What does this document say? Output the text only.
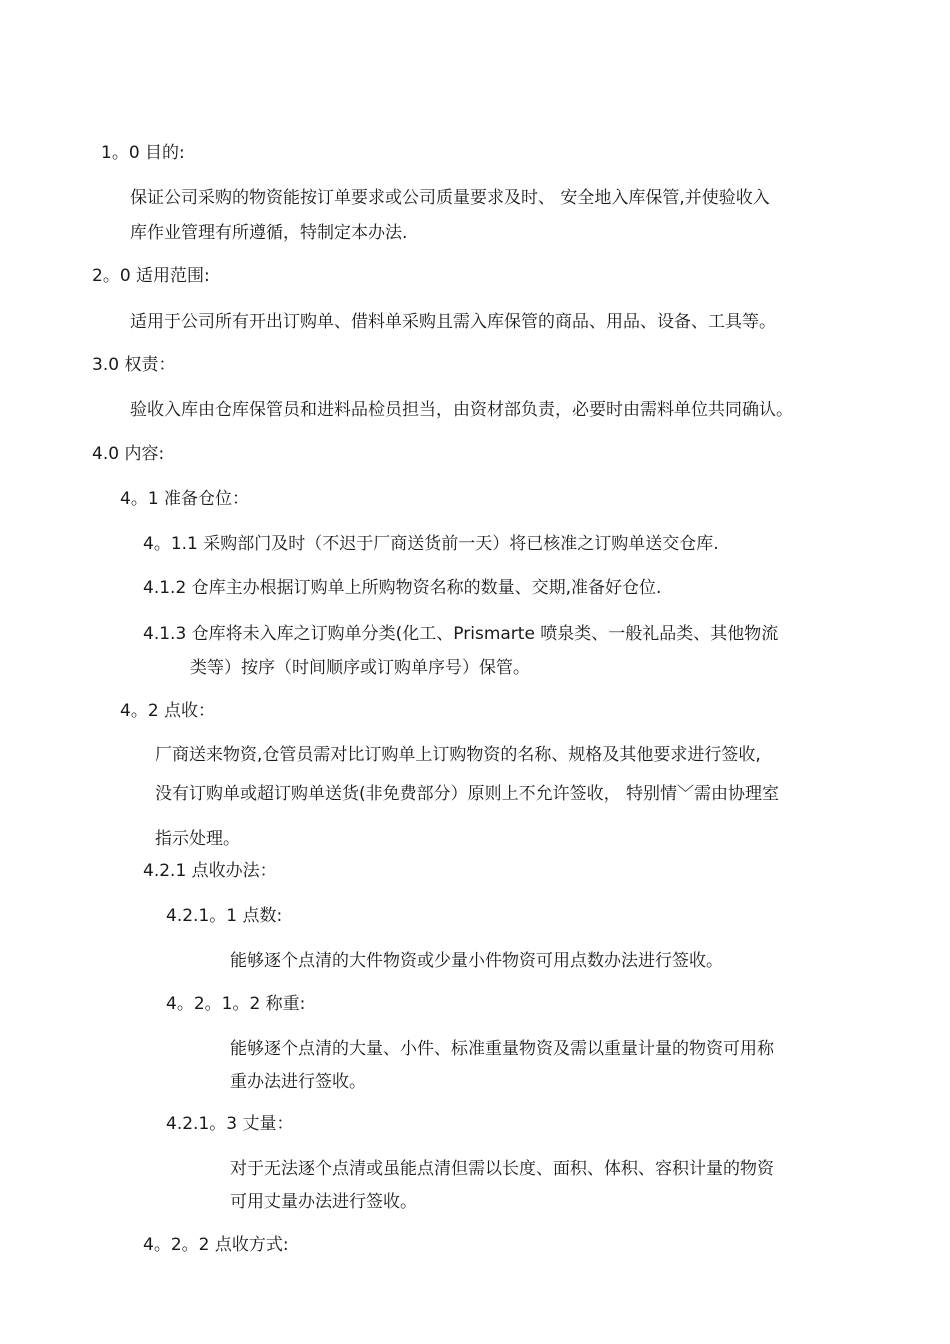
1。0 目的:

保证公司采购的物资能按订单要求或公司质量要求及时、 安全地入库保管,并使验收入

库作业管理有所遵循，特制定本办法.

2。0 适用范围:

适用于公司所有开出订购单、借料单采购且需入库保管的商品、用品、设备、工具等。

3.0 权责：

验收入库由仓库保管员和进料品检员担当，由资材部负责，必要时由需料单位共同确认。

4.0 内容:

4。1 准备仓位：

4。1.1 采购部门及时（不迟于厂商送货前一天）将已核准之订购单送交仓库.

4.1.2 仓库主办根据订购单上所购物资名称的数量、交期,准备好仓位.

4.1.3 仓库将未入库之订购单分类(化工、Prismarte 喷泉类、一般礼品类、其他物流

类等）按序（时间顺序或订购单序号）保管。

4。2 点收：

厂商送来物资,仓管员需对比订购单上订购物资的名称、规格及其他要求进行签收,

没有订购单或超订购单送货(非免费部分）原则上不允许签收， 特别情﹀需由协理室

指示处理。

4.2.1 点收办法：

4.2.1。1 点数:

能够逐个点清的大件物资或少量小件物资可用点数办法进行签收。

4。2。1。2 称重:

能够逐个点清的大量、小件、标准重量物资及需以重量计量的物资可用称

重办法进行签收。

4.2.1。3 丈量：

对于无法逐个点清或虽能点清但需以长度、面积、体积、容积计量的物资

可用丈量办法进行签收。

4。2。2 点收方式:
